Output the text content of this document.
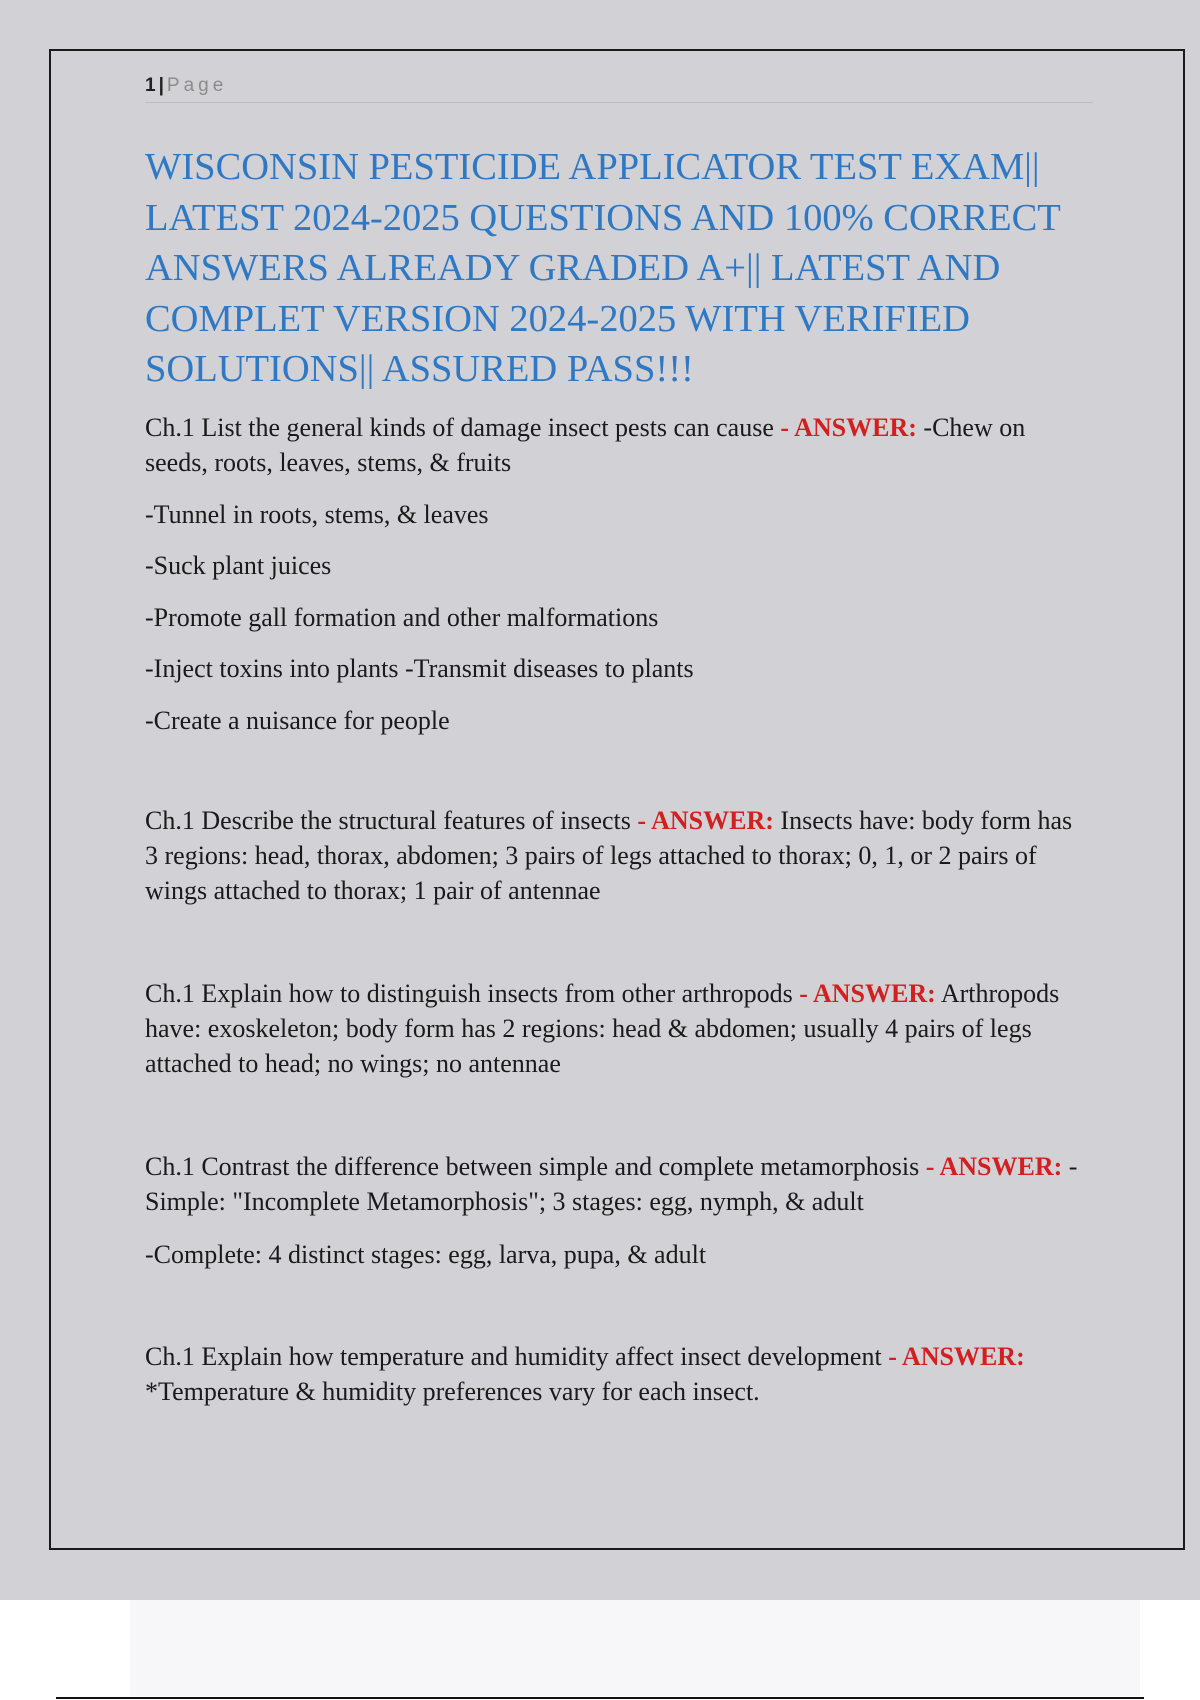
1 | Page
WISCONSIN PESTICIDE APPLICATOR TEST EXAM|| LATEST 2024-2025 QUESTIONS AND 100% CORRECT ANSWERS ALREADY GRADED A+|| LATEST AND COMPLET VERSION 2024-2025 WITH VERIFIED SOLUTIONS|| ASSURED PASS!!!

Ch.1 List the general kinds of damage insect pests can cause - ANSWER: -Chew on seeds, roots, leaves, stems, & fruits

-Tunnel in roots, stems, & leaves

-Suck plant juices

-Promote gall formation and other malformations

-Inject toxins into plants -Transmit diseases to plants

-Create a nuisance for people

Ch.1 Describe the structural features of insects - ANSWER: Insects have: body form has 3 regions: head, thorax, abdomen; 3 pairs of legs attached to thorax; 0, 1, or 2 pairs of wings attached to thorax; 1 pair of antennae

Ch.1 Explain how to distinguish insects from other arthropods - ANSWER: Arthropods have: exoskeleton; body form has 2 regions: head & abdomen; usually 4 pairs of legs attached to head; no wings; no antennae

Ch.1 Contrast the difference between simple and complete metamorphosis - ANSWER: -Simple: "Incomplete Metamorphosis"; 3 stages: egg, nymph, & adult

-Complete: 4 distinct stages: egg, larva, pupa, & adult

Ch.1 Explain how temperature and humidity affect insect development - ANSWER: *Temperature & humidity preferences vary for each insect.
